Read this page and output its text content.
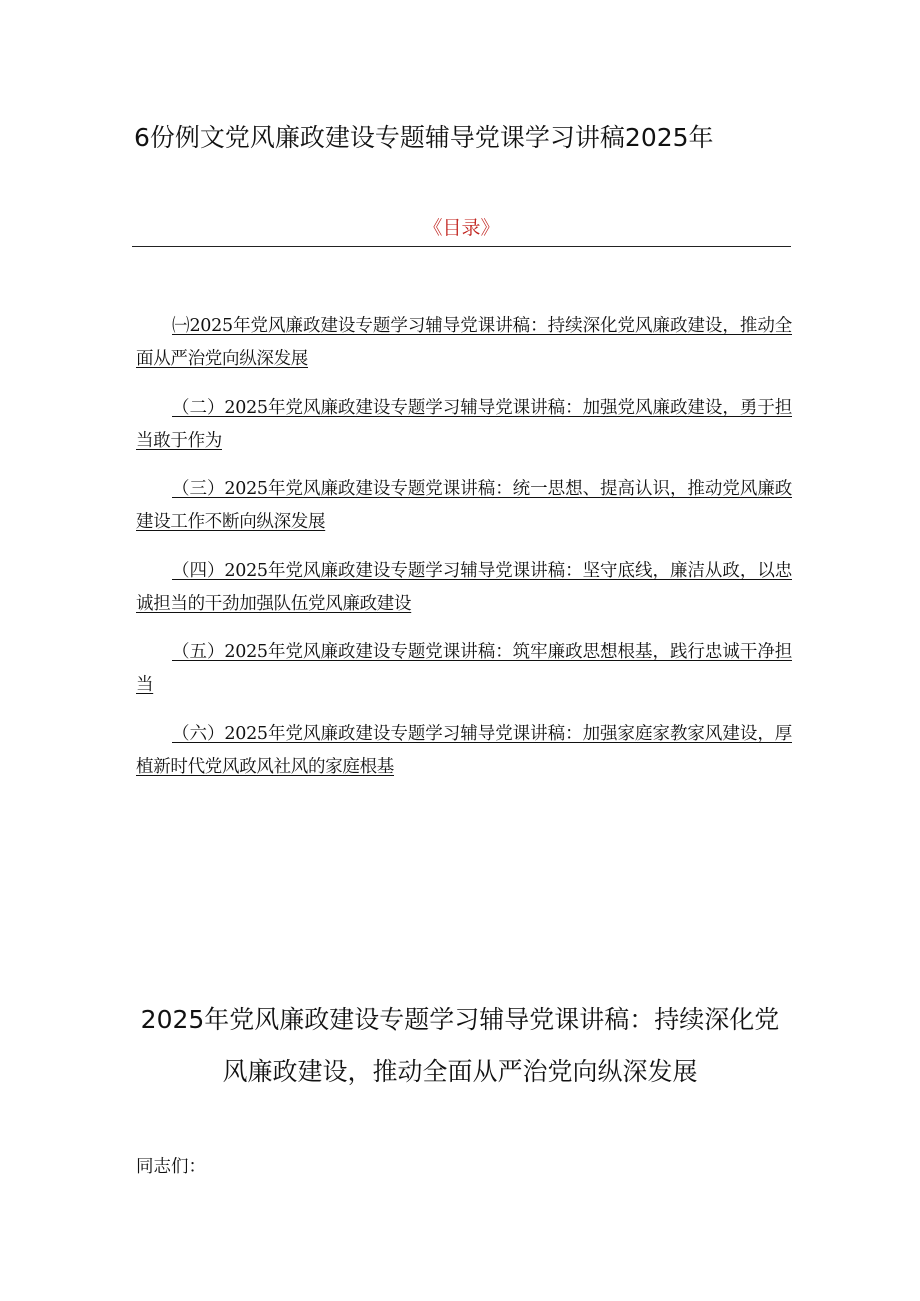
6份例文党风廉政建设专题辅导党课学习讲稿2025年
《目录》
㈠2025年党风廉政建设专题学习辅导党课讲稿：持续深化党风廉政建设，推动全面从严治党向纵深发展
（二）2025年党风廉政建设专题学习辅导党课讲稿：加强党风廉政建设，勇于担当敢于作为
（三）2025年党风廉政建设专题党课讲稿：统一思想、提高认识，推动党风廉政建设工作不断向纵深发展
（四）2025年党风廉政建设专题学习辅导党课讲稿：坚守底线，廉洁从政，以忠诚担当的干劲加强队伍党风廉政建设
（五）2025年党风廉政建设专题党课讲稿：筑牢廉政思想根基，践行忠诚干净担当
（六）2025年党风廉政建设专题学习辅导党课讲稿：加强家庭家教家风建设，厚植新时代党风政风社风的家庭根基
2025年党风廉政建设专题学习辅导党课讲稿：持续深化党风廉政建设，推动全面从严治党向纵深发展
同志们：
